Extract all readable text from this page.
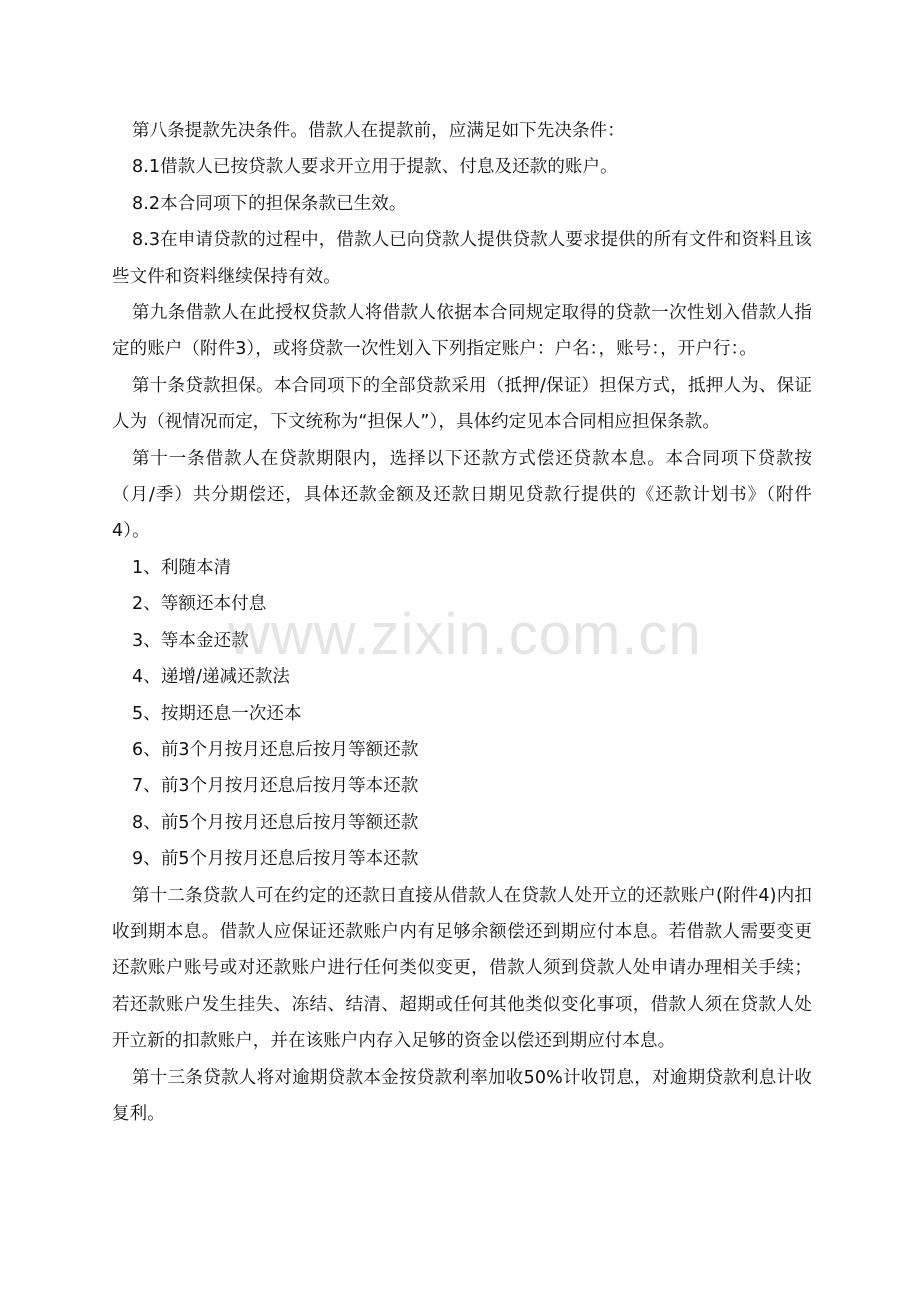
第八条提款先决条件。借款人在提款前，应满足如下先决条件：

8.1借款人已按贷款人要求开立用于提款、付息及还款的账户。

8.2本合同项下的担保条款已生效。

8.3在申请贷款的过程中，借款人已向贷款人提供贷款人要求提供的所有文件和资料且该些文件和资料继续保持有效。

第九条借款人在此授权贷款人将借款人依据本合同规定取得的贷款一次性划入借款人指定的账户（附件3），或将贷款一次性划入下列指定账户：户名：，账号：，开户行：。

第十条贷款担保。本合同项下的全部贷款采用（抵押/保证）担保方式，抵押人为、保证人为（视情况而定，下文统称为“担保人”），具体约定见本合同相应担保条款。

第十一条借款人在贷款期限内，选择以下还款方式偿还贷款本息。本合同项下贷款按（月/季）共分期偿还，具体还款金额及还款日期见贷款行提供的《还款计划书》（附件4）。

1、利随本清

2、等额还本付息

3、等本金还款

4、递增/递减还款法

5、按期还息一次还本

6、前3个月按月还息后按月等额还款

7、前3个月按月还息后按月等本还款

8、前5个月按月还息后按月等额还款

9、前5个月按月还息后按月等本还款

第十二条贷款人可在约定的还款日直接从借款人在贷款人处开立的还款账户(附件4)内扣收到期本息。借款人应保证还款账户内有足够余额偿还到期应付本息。若借款人需要变更还款账户账号或对还款账户进行任何类似变更，借款人须到贷款人处申请办理相关手续；若还款账户发生挂失、冻结、结清、超期或任何其他类似变化事项，借款人须在贷款人处开立新的扣款账户，并在该账户内存入足够的资金以偿还到期应付本息。

第十三条贷款人将对逾期贷款本金按贷款利率加收50%计收罚息，对逾期贷款利息计收复利。

www.zixin.com.cn
